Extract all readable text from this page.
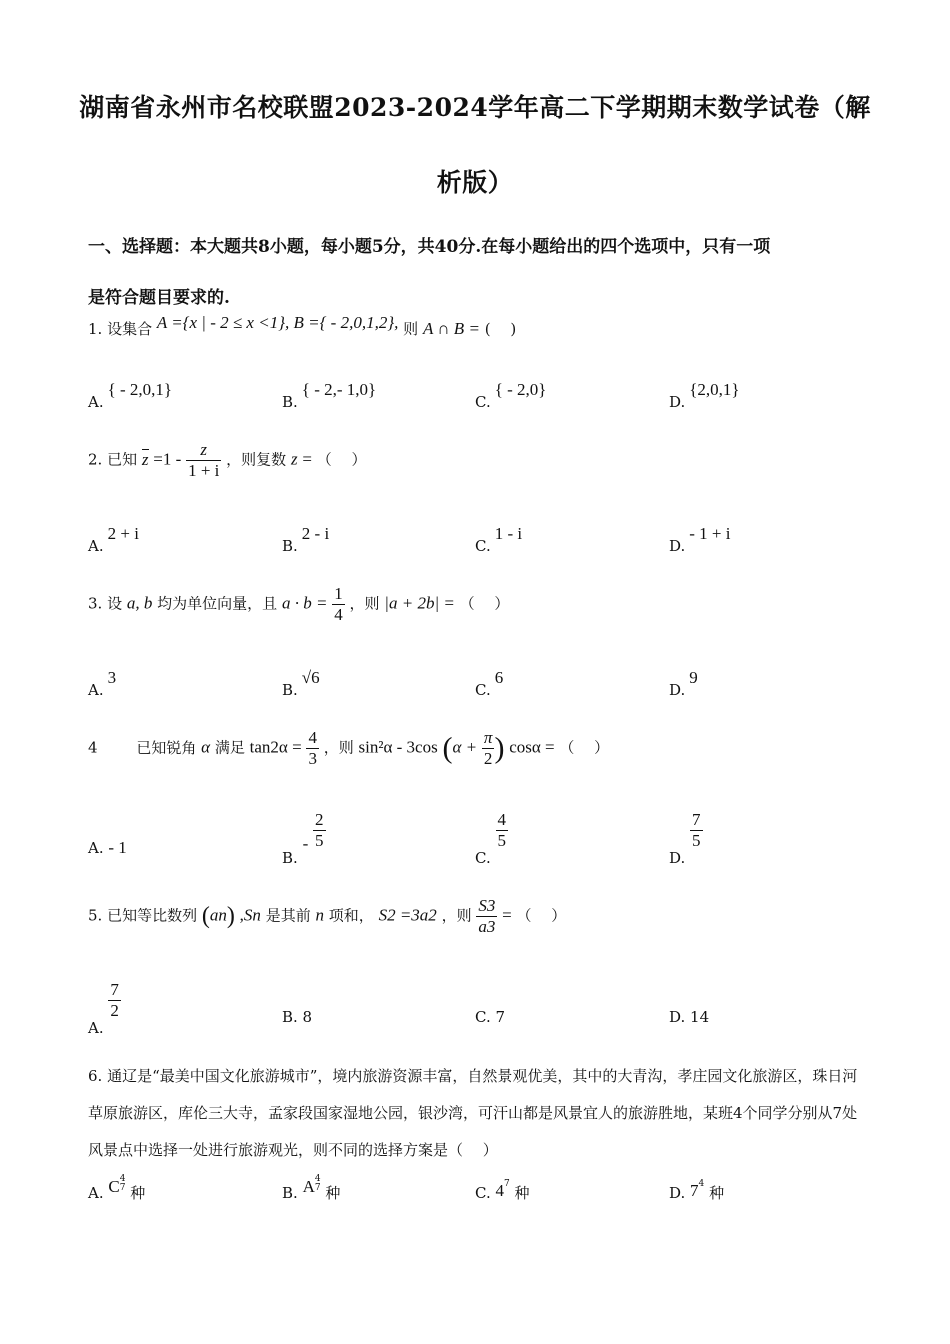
湖南省永州市名校联盟2023-2024学年高二下学期期末数学试卷（解
析版）
一、选择题：本大题共8小题，每小题5分，共40分.在每小题给出的四个选项中，只有一项
是符合题目要求的.
1. 设集合 A ={x | - 2 ≤ x <1}, B ={ - 2,0,1,2}, 则 A ∩ B = (　 )
A.{ - 2,0,1}
B.{ - 2,- 1,0}
C.{ - 2,0}
D.{2,0,1}
2. 已知 $z =1 - \frac{z}{1 + i}$ ，则复数 z = （　 ）
A.2 + i
B.2 - i
C.1 - i
D.- 1 + i
3. 设 a, b 均为单位向量，且 $a \cdot b = \frac{1}{4}$ ，则 |a + 2b| = （　 ）
A.3
B.√6
C.6
D.9
4	已知锐角 α 满足 $\tan 2\alpha = \frac{4}{3}$ ，则 sin²α - 3cos ($\alpha + \frac{\pi}{2}$ ) cosα = （　 ）
A. - 1
B. - $\frac{2}{5}$
C.
$\frac{4}{5}$
D.
$\frac{7}{5}$
5. 已知等比数列 (an) ,Sn 是其前 n 项和， S2 =3a2 ，则 $\frac{S3}{a3}$ = （　 ）
A.
$\frac{7}{2}$	B. 8	C. 7	D. 14
6. 通辽是“最美中国文化旅游城市”，境内旅游资源丰富，自然景观优美，其中的大青沟，孝庄园文化旅游区，珠日河草原旅游区，库伦三大寺，孟家段国家湿地公园，银沙湾，可汗山都是风景宜人的旅游胜地，某班4个同学分别从7处风景点中选择一处进行旅游观光，则不同的选择方案是（　 ）
A. C 4
7 种	B. A 4
7 种	C. $4^7$ 种	D. $7^4$ 种
